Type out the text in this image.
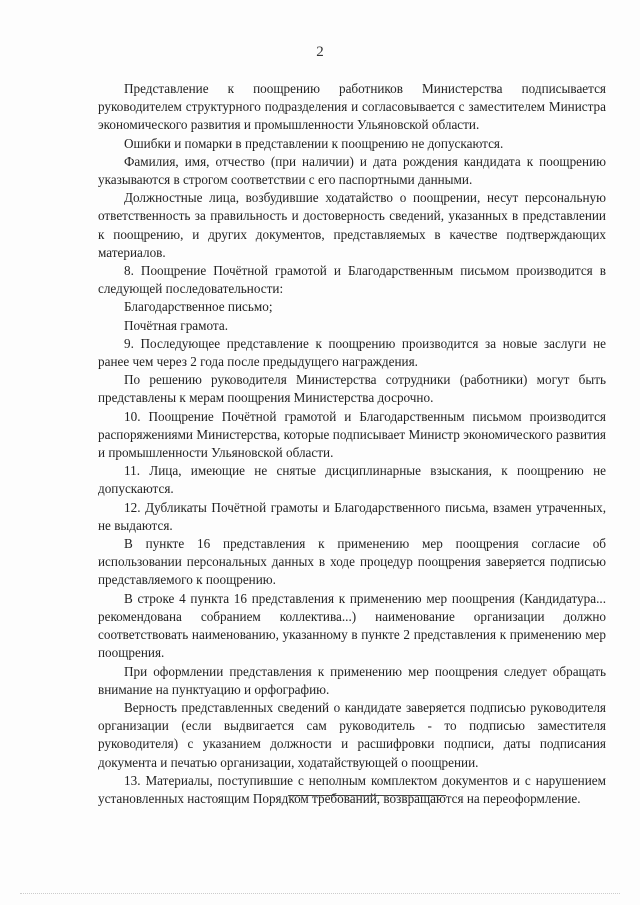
2

Представление к поощрению работников Министерства подписывается руководителем структурного подразделения и согласовывается с заместителем Министра экономического развития и промышленности Ульяновской области.

Ошибки и помарки в представлении к поощрению не допускаются.

Фамилия, имя, отчество (при наличии) и дата рождения кандидата к поощрению указываются в строгом соответствии с его паспортными данными.

Должностные лица, возбудившие ходатайство о поощрении, несут персональную ответственность за правильность и достоверность сведений, указанных в представлении к поощрению, и других документов, представляемых в качестве подтверждающих материалов.

8. Поощрение Почётной грамотой и Благодарственным письмом производится в следующей последовательности:

Благодарственное письмо;

Почётная грамота.

9. Последующее представление к поощрению производится за новые заслуги не ранее чем через 2 года после предыдущего награждения.

По решению руководителя Министерства сотрудники (работники) могут быть представлены к мерам поощрения Министерства досрочно.

10. Поощрение Почётной грамотой и Благодарственным письмом производится распоряжениями Министерства, которые подписывает Министр экономического развития и промышленности Ульяновской области.

11. Лица, имеющие не снятые дисциплинарные взыскания, к поощрению не допускаются.

12. Дубликаты Почётной грамоты и Благодарственного письма, взамен утраченных, не выдаются.

В пункте 16 представления к применению мер поощрения согласие об использовании персональных данных в ходе процедур поощрения заверяется подписью представляемого к поощрению.

В строке 4 пункта 16 представления к применению мер поощрения (Кандидатура... рекомендована собранием коллектива...) наименование организации должно соответствовать наименованию, указанному в пункте 2 представления к применению мер поощрения.

При оформлении представления к применению мер поощрения следует обращать внимание на пунктуацию и орфографию.

Верность представленных сведений о кандидате заверяется подписью руководителя организации (если выдвигается сам руководитель - то подписью заместителя руководителя) с указанием должности и расшифровки подписи, даты подписания документа и печатью организации, ходатайствующей о поощрении.

13. Материалы, поступившие с неполным комплектом документов и с нарушением установленных настоящим Порядком требований, возвращаются на переоформление.
